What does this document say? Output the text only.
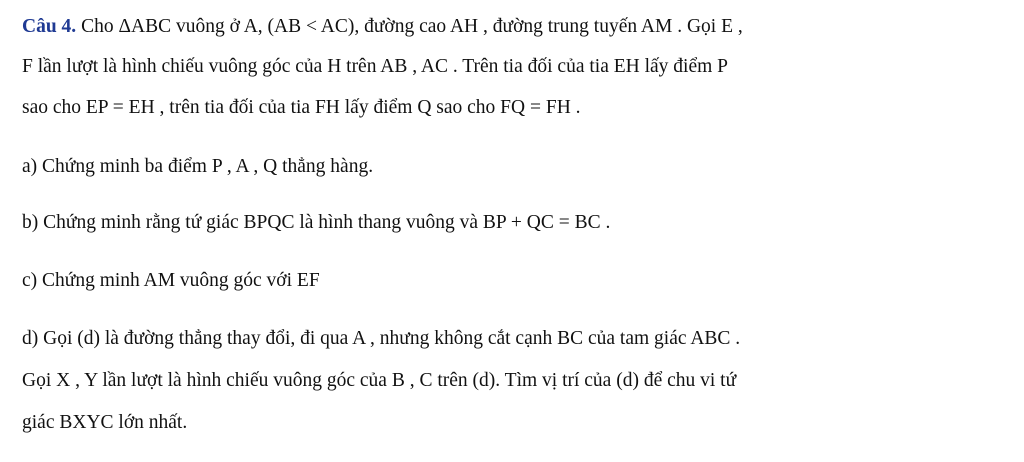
Câu 4. Cho ΔABC vuông ở A, (AB < AC), đường cao AH , đường trung tuyến AM . Gọi E ,
F lần lượt là hình chiếu vuông góc của H trên AB , AC . Trên tia đối của tia EH lấy điểm P
sao cho EP = EH , trên tia đối của tia FH lấy điểm Q sao cho FQ = FH .
a) Chứng minh ba điểm P , A , Q thẳng hàng.
b) Chứng minh rằng tứ giác BPQC là hình thang vuông và BP + QC = BC .
c) Chứng minh AM vuông góc với EF
d) Gọi (d) là đường thẳng thay đổi, đi qua A , nhưng không cắt cạnh BC của tam giác ABC .
Gọi X , Y lần lượt là hình chiếu vuông góc của B , C trên (d). Tìm vị trí của (d) để chu vi tứ
giác BXYC lớn nhất.
